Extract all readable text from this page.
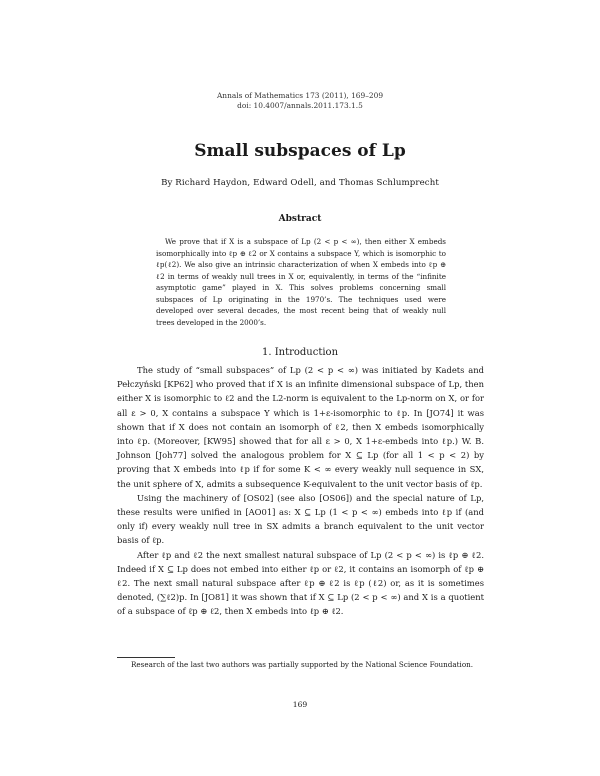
Annals of Mathematics 173 (2011), 169–209
doi: 10.4007/annals.2011.173.1.5
Small subspaces of Lp
By Richard Haydon, Edward Odell, and Thomas Schlumprecht
Abstract

We prove that if X is a subspace of Lp (2 < p < ∞), then either X embeds isomorphically into ℓp ⊕ ℓ2 or X contains a subspace Y, which is isomorphic to ℓp(ℓ2). We also give an intrinsic characterization of when X embeds into ℓp ⊕ ℓ2 in terms of weakly null trees in X or, equivalently, in terms of the “infinite asymptotic game” played in X. This solves problems concerning small subspaces of Lp originating in the 1970’s. The techniques used were developed over several decades, the most recent being that of weakly null trees developed in the 2000’s.

1. Introduction

The study of “small subspaces” of Lp (2 < p < ∞) was initiated by Kadets and Pełczyński [KP62] who proved that if X is an infinite dimensional subspace of Lp, then either X is isomorphic to ℓ2 and the L2-norm is equivalent to the Lp-norm on X, or for all ε > 0, X contains a subspace Y which is 1+ε-isomorphic to ℓp. In [JO74] it was shown that if X does not contain an isomorph of ℓ2, then X embeds isomorphically into ℓp. (Moreover, [KW95] showed that for all ε > 0, X 1+ε-embeds into ℓp.) W. B. Johnson [Joh77] solved the analogous problem for X ⊆ Lp (for all 1 < p < 2) by proving that X embeds into ℓp if for some K < ∞ every weakly null sequence in SX, the unit sphere of X, admits a subsequence K-equivalent to the unit vector basis of ℓp.

Using the machinery of [OS02] (see also [OS06]) and the special nature of Lp, these results were unified in [AO01] as: X ⊆ Lp (1 < p < ∞) embeds into ℓp if (and only if) every weakly null tree in SX admits a branch equivalent to the unit vector basis of ℓp.

After ℓp and ℓ2 the next smallest natural subspace of Lp (2 < p < ∞) is ℓp ⊕ ℓ2. Indeed if X ⊆ Lp does not embed into either ℓp or ℓ2, it contains an isomorph of ℓp ⊕ ℓ2. The next small natural subspace after ℓp ⊕ ℓ2 is ℓp (ℓ2) or, as it is sometimes denoted, (∑ℓ2)p. In [JO81] it was shown that if X ⊆ Lp (2 < p < ∞) and X is a quotient of a subspace of ℓp ⊕ ℓ2, then X embeds into ℓp ⊕ ℓ2.

Research of the last two authors was partially supported by the National Science Foundation.
169
